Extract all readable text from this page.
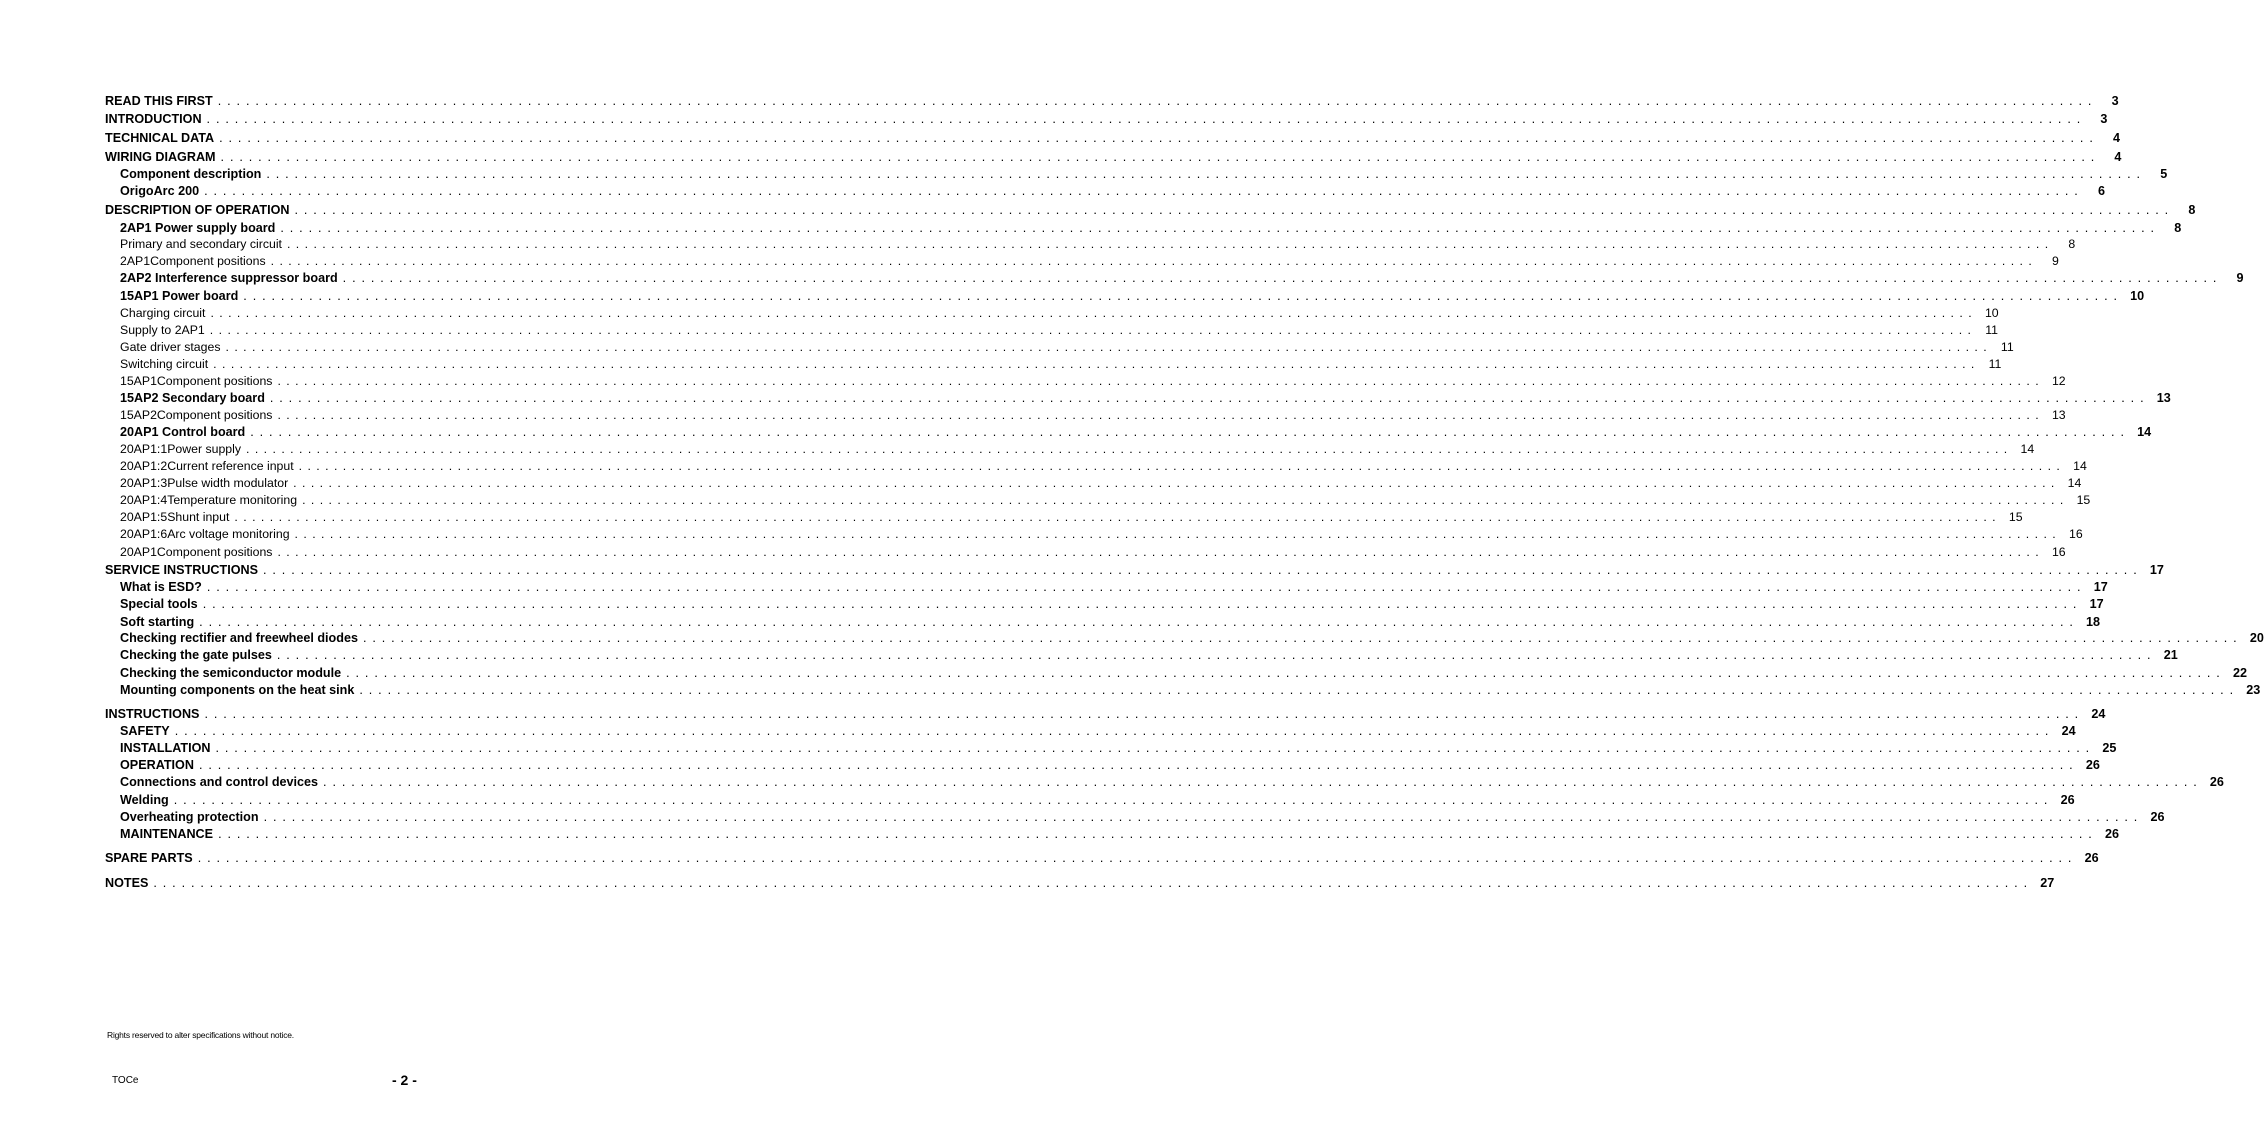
READ THIS FIRST . . . . . . . . . . . . . . . . . . . . . . . . . . . . . . . . . . . . . . . . . . . . . . . . . . . . . . . . . . . . . . . . . . . . . . . . . . . . . . . . . . . . . . . . . . . . . . . . . . . . . . . . . . . . . . . . . . . . . . . . . . . . . . . . . . . . . . . . . . . . . . . . . . . . . . . . . . . . . . . . . . . . . . . . . . . . . . . . . . . . . . . . . . . . . . . . . . . . . . . .	3
INTRODUCTION . . . . . . . . . . . . . . . . . . . . . . . . . . . . . . . . . . . . . . . . . . . . . . . . . . . . . . . . . . . . . . . . . . . . . . . . . . . . . . . . . . . . . . . . . . . . . . . . . . . . . . . . . . . . . . . . . . . . . . . . . . . . . . . . . . . . . . . . . . . . . . . . . . . . . . . . . . . . . . . . . . . . . . . . . . . . . . . . . . . . . . . . . . . . . . . . . . . . . . . .	3
TECHNICAL DATA . . . . . . . . . . . . . . . . . . . . . . . . . . . . . . . . . . . . . . . . . . . . . . . . . . . . . . . . . . . . . . . . . . . . . . . . . . . . . . . . . . . . . . . . . . . . . . . . . . . . . . . . . . . . . . . . . . . . . . . . . . . . . . . . . . . . . . . . . . . . . . . . . . . . . . . . . . . . . . . . . . . . . . . . . . . . . . . . . . . . . . . . . . . . . . . . . . . . . . . .	4
WIRING DIAGRAM . . . . . . . . . . . . . . . . . . . . . . . . . . . . . . . . . . . . . . . . . . . . . . . . . . . . . . . . . . . . . . . . . . . . . . . . . . . . . . . . . . . . . . . . . . . . . . . . . . . . . . . . . . . . . . . . . . . . . . . . . . . . . . . . . . . . . . . . . . . . . . . . . . . . . . . . . . . . . . . . . . . . . . . . . . . . . . . . . . . . . . . . . . . . . . . . . . . . . . . .	4
Component description . . . . . . . . . . . . . . . . . . . . . . . . . . . . . . . . . . . . . . . . . . . . . . . . . . . . . . . . . . . . . . . . . . . . . . . . . . . . . . . . . . . . . . . . . . . . . . . . . . . . . . . . . . . . . . . . . . . . . . . . . . . . . . . . . . . . . . . . . . . . . . . . . . . . . . . . . . . . . . . . . . . . . . . . . . . . . . . . . . . . . . . . . . . . . . . . . . . . . . . .	5
OrigoArc 200 . . . . . . . . . . . . . . . . . . . . . . . . . . . . . . . . . . . . . . . . . . . . . . . . . . . . . . . . . . . . . . . . . . . . . . . . . . . . . . . . . . . . . . . . . . . . . . . . . . . . . . . . . . . . . . . . . . . . . . . . . . . . . . . . . . . . . . . . . . . . . . . . . . . . . . . . . . . . . . . . . . . . . . . . . . . . . . . . . . . . . . . . . . . . . . . . . . . . . . . .	6
DESCRIPTION OF OPERATION . . . . . . . . . . . . . . . . . . . . . . . . . . . . . . . . . . . . . . . . . . . . . . . . . . . . . . . . . . . . . . . . . . . . . . . . . . . . . . . . . . . . . . . . . . . . . . . . . . . . . . . . . . . . . . . . . . . . . . . . . . . . . . . . . . . . . . . . . . . . . . . . . . . . . . . . . . . . . . . . . . . . . . . . . . . . . . . . . . . . . . . . . . . . . . . . . . . . . . . .	8
2AP1 Power supply board . . . . . . . . . . . . . . . . . . . . . . . . . . . . . . . . . . . . . . . . . . . . . . . . . . . . . . . . . . . . . . . . . . . . . . . . . . . . . . . . . . . . . . . . . . . . . . . . . . . . . . . . . . . . . . . . . . . . . . . . . . . . . . . . . . . . . . . . . . . . . . . . . . . . . . . . . . . . . . . . . . . . . . . . . . . . . . . . . . . . . . . . . . . . . . . . . . . . . . . .	8
Primary and secondary circuit . . . . . . . . . . . . . . . . . . . . . . . . . . . . . . . . . . . . . . . . . . . . . . . . . . . . . . . . . . . . . . . . . . . . . . . . . . . . . . . . . . . . . . . . . . . . . . . . . . . . . . . . . . . . . . . . . . . . . . . . . . . . . . . . . . . . . . . . . . . . . . . . . . . . . . . . . . . . . . . . . . . . . . . . . . . . . . . . . . . . . . . . . . . . . . . . . . . . . . . .	8
2AP1 Component positions . . . . . . . . . . . . . . . . . . . . . . . . . . . . . . . . . . . . . . . . . . . . . . . . . . . . . . . . . . . . . . . . . . . . . . . . . . . . . . . . . . . . . . . . . . . . . . . . . . . . . . . . . . . . . . . . . . . . . . . . . . . . . . . . . . . . . . . . . . . . . . . . . . . . . . . . . . . . . . . . . . . . . . . . . . . . . . . . . . . . . . . . . . . . . . . . . . . . . . . .	9
2AP2 Interference suppressor board . . . . . . . . . . . . . . . . . . . . . . . . . . . . . . . . . . . . . . . . . . . . . . . . . . . . . . . . . . . . . . . . . . . . . . . . . . . . . . . . . . . . . . . . . . . . . . . . . . . . . . . . . . . . . . . . . . . . . . . . . . . . . . . . . . . . . . . . . . . . . . . . . . . . . . . . . . . . . . . . . . . . . . . . . . . . . . . . . . . . . . . . . . . . . . . . . . . . . . . .	9
15AP1 Power board . . . . . . . . . . . . . . . . . . . . . . . . . . . . . . . . . . . . . . . . . . . . . . . . . . . . . . . . . . . . . . . . . . . . . . . . . . . . . . . . . . . . . . . . . . . . . . . . . . . . . . . . . . . . . . . . . . . . . . . . . . . . . . . . . . . . . . . . . . . . . . . . . . . . . . . . . . . . . . . . . . . . . . . . . . . . . . . . . . . . . . . . . . . . . . . . . . . . . . . . 10
Charging circuit . . . . . . . . . . . . . . . . . . . . . . . . . . . . . . . . . . . . . . . . . . . . . . . . . . . . . . . . . . . . . . . . . . . . . . . . . . . . . . . . . . . . . . . . . . . . . . . . . . . . . . . . . . . . . . . . . . . . . . . . . . . . . . . . . . . . . . . . . . . . . . . . . . . . . . . . . . . . . . . . . . . . . . . . . . . . . . . . . . . . . . . . . . . . . . . . . . . . . . . .	10
Supply to 2AP1 . . . . . . . . . . . . . . . . . . . . . . . . . . . . . . . . . . . . . . . . . . . . . . . . . . . . . . . . . . . . . . . . . . . . . . . . . . . . . . . . . . . . . . . . . . . . . . . . . . . . . . . . . . . . . . . . . . . . . . . . . . . . . . . . . . . . . . . . . . . . . . . . . . . . . . . . . . . . . . . . . . . . . . . . . . . . . . . . . . . . . . . . . . . . . . . . . . . . . . . .	11
Gate driver stages . . . . . . . . . . . . . . . . . . . . . . . . . . . . . . . . . . . . . . . . . . . . . . . . . . . . . . . . . . . . . . . . . . . . . . . . . . . . . . . . . . . . . . . . . . . . . . . . . . . . . . . . . . . . . . . . . . . . . . . . . . . . . . . . . . . . . . . . . . . . . . . . . . . . . . . . . . . . . . . . . . . . . . . . . . . . . . . . . . . . . . . . . . . . . . . . . . . . . . . .	11
Switching circuit . . . . . . . . . . . . . . . . . . . . . . . . . . . . . . . . . . . . . . . . . . . . . . . . . . . . . . . . . . . . . . . . . . . . . . . . . . . . . . . . . . . . . . . . . . . . . . . . . . . . . . . . . . . . . . . . . . . . . . . . . . . . . . . . . . . . . . . . . . . . . . . . . . . . . . . . . . . . . . . . . . . . . . . . . . . . . . . . . . . . . . . . . . . . . . . . . . . . . . . .	11
15AP1 Component positions . . . . . . . . . . . . . . . . . . . . . . . . . . . . . . . . . . . . . . . . . . . . . . . . . . . . . . . . . . . . . . . . . . . . . . . . . . . . . . . . . . . . . . . . . . . . . . . . . . . . . . . . . . . . . . . . . . . . . . . . . . . . . . . . . . . . . . . . . . . . . . . . . . . . . . . . . . . . . . . . . . . . . . . . . . . . . . . . . . . . . . . . . . . . . . . . . . . . . . . .	12
15AP2 Secondary board . . . . . . . . . . . . . . . . . . . . . . . . . . . . . . . . . . . . . . . . . . . . . . . . . . . . . . . . . . . . . . . . . . . . . . . . . . . . . . . . . . . . . . . . . . . . . . . . . . . . . . . . . . . . . . . . . . . . . . . . . . . . . . . . . . . . . . . . . . . . . . . . . . . . . . . . . . . . . . . . . . . . . . . . . . . . . . . . . . . . . . . . . . . . . . . . . . . . . . . . 13
15AP2 Component positions . . . . . . . . . . . . . . . . . . . . . . . . . . . . . . . . . . . . . . . . . . . . . . . . . . . . . . . . . . . . . . . . . . . . . . . . . . . . . . . . . . . . . . . . . . . . . . . . . . . . . . . . . . . . . . . . . . . . . . . . . . . . . . . . . . . . . . . . . . . . . . . . . . . . . . . . . . . . . . . . . . . . . . . . . . . . . . . . . . . . . . . . . . . . . . . . . . . . . . . .	13
20AP1 Control board . . . . . . . . . . . . . . . . . . . . . . . . . . . . . . . . . . . . . . . . . . . . . . . . . . . . . . . . . . . . . . . . . . . . . . . . . . . . . . . . . . . . . . . . . . . . . . . . . . . . . . . . . . . . . . . . . . . . . . . . . . . . . . . . . . . . . . . . . . . . . . . . . . . . . . . . . . . . . . . . . . . . . . . . . . . . . . . . . . . . . . . . . . . . . . . . . . . . . . . . 14
20AP1:1 Power supply . . . . . . . . . . . . . . . . . . . . . . . . . . . . . . . . . . . . . . . . . . . . . . . . . . . . . . . . . . . . . . . . . . . . . . . . . . . . . . . . . . . . . . . . . . . . . . . . . . . . . . . . . . . . . . . . . . . . . . . . . . . . . . . . . . . . . . . . . . . . . . . . . . . . . . . . . . . . . . . . . . . . . . . . . . . . . . . . . . . . . . . . . . . . . . . . . . . . . . . .	14
20AP1:2 Current reference input . . . . . . . . . . . . . . . . . . . . . . . . . . . . . . . . . . . . . . . . . . . . . . . . . . . . . . . . . . . . . . . . . . . . . . . . . . . . . . . . . . . . . . . . . . . . . . . . . . . . . . . . . . . . . . . . . . . . . . . . . . . . . . . . . . . . . . . . . . . . . . . . . . . . . . . . . . . . . . . . . . . . . . . . . . . . . . . . . . . . . . . . . . . . . . . . . . . . . . . .	14
20AP1:3 Pulse width modulator . . . . . . . . . . . . . . . . . . . . . . . . . . . . . . . . . . . . . . . . . . . . . . . . . . . . . . . . . . . . . . . . . . . . . . . . . . . . . . . . . . . . . . . . . . . . . . . . . . . . . . . . . . . . . . . . . . . . . . . . . . . . . . . . . . . . . . . . . . . . . . . . . . . . . . . . . . . . . . . . . . . . . . . . . . . . . . . . . . . . . . . . . . . . . . . . . . . . . . . .	14
20AP1:4 Temperature monitoring . . . . . . . . . . . . . . . . . . . . . . . . . . . . . . . . . . . . . . . . . . . . . . . . . . . . . . . . . . . . . . . . . . . . . . . . . . . . . . . . . . . . . . . . . . . . . . . . . . . . . . . . . . . . . . . . . . . . . . . . . . . . . . . . . . . . . . . . . . . . . . . . . . . . . . . . . . . . . . . . . . . . . . . . . . . . . . . . . . . . . . . . . . . . . . . . . . . . . . . .	15
20AP1:5 Shunt input . . . . . . . . . . . . . . . . . . . . . . . . . . . . . . . . . . . . . . . . . . . . . . . . . . . . . . . . . . . . . . . . . . . . . . . . . . . . . . . . . . . . . . . . . . . . . . . . . . . . . . . . . . . . . . . . . . . . . . . . . . . . . . . . . . . . . . . . . . . . . . . . . . . . . . . . . . . . . . . . . . . . . . . . . . . . . . . . . . . . . . . . . . . . . . . . . . . . . . . .	15
20AP1:6 Arc voltage monitoring . . . . . . . . . . . . . . . . . . . . . . . . . . . . . . . . . . . . . . . . . . . . . . . . . . . . . . . . . . . . . . . . . . . . . . . . . . . . . . . . . . . . . . . . . . . . . . . . . . . . . . . . . . . . . . . . . . . . . . . . . . . . . . . . . . . . . . . . . . . . . . . . . . . . . . . . . . . . . . . . . . . . . . . . . . . . . . . . . . . . . . . . . . . . . . . . . . . . . . . .	16
20AP1 Component positions . . . . . . . . . . . . . . . . . . . . . . . . . . . . . . . . . . . . . . . . . . . . . . . . . . . . . . . . . . . . . . . . . . . . . . . . . . . . . . . . . . . . . . . . . . . . . . . . . . . . . . . . . . . . . . . . . . . . . . . . . . . . . . . . . . . . . . . . . . . . . . . . . . . . . . . . . . . . . . . . . . . . . . . . . . . . . . . . . . . . . . . . . . . . . . . . . . . . . . . .	16
SERVICE INSTRUCTIONS . . . . . . . . . . . . . . . . . . . . . . . . . . . . . . . . . . . . . . . . . . . . . . . . . . . . . . . . . . . . . . . . . . . . . . . . . . . . . . . . . . . . . . . . . . . . . . . . . . . . . . . . . . . . . . . . . . . . . . . . . . . . . . . . . . . . . . . . . . . . . . . . . . . . . . . . . . . . . . . . . . . . . . . . . . . . . . . . . . . . . . . . . . . . . . . . . . . . . . . . 17
What is ESD? . . . . . . . . . . . . . . . . . . . . . . . . . . . . . . . . . . . . . . . . . . . . . . . . . . . . . . . . . . . . . . . . . . . . . . . . . . . . . . . . . . . . . . . . . . . . . . . . . . . . . . . . . . . . . . . . . . . . . . . . . . . . . . . . . . . . . . . . . . . . . . . . . . . . . . . . . . . . . . . . . . . . . . . . . . . . . . . . . . . . . . . . . . . . . . . . . . . . . . . . 17
Special tools . . . . . . . . . . . . . . . . . . . . . . . . . . . . . . . . . . . . . . . . . . . . . . . . . . . . . . . . . . . . . . . . . . . . . . . . . . . . . . . . . . . . . . . . . . . . . . . . . . . . . . . . . . . . . . . . . . . . . . . . . . . . . . . . . . . . . . . . . . . . . . . . . . . . . . . . . . . . . . . . . . . . . . . . . . . . . . . . . . . . . . . . . . . . . . . . . . . . . . . . 17
Soft starting . . . . . . . . . . . . . . . . . . . . . . . . . . . . . . . . . . . . . . . . . . . . . . . . . . . . . . . . . . . . . . . . . . . . . . . . . . . . . . . . . . . . . . . . . . . . . . . . . . . . . . . . . . . . . . . . . . . . . . . . . . . . . . . . . . . . . . . . . . . . . . . . . . . . . . . . . . . . . . . . . . . . . . . . . . . . . . . . . . . . . . . . . . . . . . . . . . . . . . . . 18
Checking rectifier and freewheel diodes . . . . . . . . . . . . . . . . . . . . . . . . . . . . . . . . . . . . . . . . . . . . . . . . . . . . . . . . . . . . . . . . . . . . . . . . . . . . . . . . . . . . . . . . . . . . . . . . . . . . . . . . . . . . . . . . . . . . . . . . . . . . . . . . . . . . . . . . . . . . . . . . . . . . . . . . . . . . . . . . . . . . . . . . . . . . . . . . . . . . . . . . . . . . . . . . . . . . . . . . 20
Checking the gate pulses . . . . . . . . . . . . . . . . . . . . . . . . . . . . . . . . . . . . . . . . . . . . . . . . . . . . . . . . . . . . . . . . . . . . . . . . . . . . . . . . . . . . . . . . . . . . . . . . . . . . . . . . . . . . . . . . . . . . . . . . . . . . . . . . . . . . . . . . . . . . . . . . . . . . . . . . . . . . . . . . . . . . . . . . . . . . . . . . . . . . . . . . . . . . . . . . . . . . . . . . 21
Checking the semiconductor module . . . . . . . . . . . . . . . . . . . . . . . . . . . . . . . . . . . . . . . . . . . . . . . . . . . . . . . . . . . . . . . . . . . . . . . . . . . . . . . . . . . . . . . . . . . . . . . . . . . . . . . . . . . . . . . . . . . . . . . . . . . . . . . . . . . . . . . . . . . . . . . . . . . . . . . . . . . . . . . . . . . . . . . . . . . . . . . . . . . . . . . . . . . . . . . . . . . . . . . . 22
Mounting components on the heat sink . . . . . . . . . . . . . . . . . . . . . . . . . . . . . . . . . . . . . . . . . . . . . . . . . . . . . . . . . . . . . . . . . . . . . . . . . . . . . . . . . . . . . . . . . . . . . . . . . . . . . . . . . . . . . . . . . . . . . . . . . . . . . . . . . . . . . . . . . . . . . . . . . . . . . . . . . . . . . . . . . . . . . . . . . . . . . . . . . . . . . . . . . . . . . . . . . . . . . . . . 23
INSTRUCTIONS . . . . . . . . . . . . . . . . . . . . . . . . . . . . . . . . . . . . . . . . . . . . . . . . . . . . . . . . . . . . . . . . . . . . . . . . . . . . . . . . . . . . . . . . . . . . . . . . . . . . . . . . . . . . . . . . . . . . . . . . . . . . . . . . . . . . . . . . . . . . . . . . . . . . . . . . . . . . . . . . . . . . . . . . . . . . . . . . . . . . . . . . . . . . . . . . . . . . . . . . 24
SAFETY . . . . . . . . . . . . . . . . . . . . . . . . . . . . . . . . . . . . . . . . . . . . . . . . . . . . . . . . . . . . . . . . . . . . . . . . . . . . . . . . . . . . . . . . . . . . . . . . . . . . . . . . . . . . . . . . . . . . . . . . . . . . . . . . . . . . . . . . . . . . . . . . . . . . . . . . . . . . . . . . . . . . . . . . . . . . . . . . . . . . . . . . . . . . . . . . . . . . . . . . 24
INSTALLATION . . . . . . . . . . . . . . . . . . . . . . . . . . . . . . . . . . . . . . . . . . . . . . . . . . . . . . . . . . . . . . . . . . . . . . . . . . . . . . . . . . . . . . . . . . . . . . . . . . . . . . . . . . . . . . . . . . . . . . . . . . . . . . . . . . . . . . . . . . . . . . . . . . . . . . . . . . . . . . . . . . . . . . . . . . . . . . . . . . . . . . . . . . . . . . . . . . . . . . . . 25
OPERATION . . . . . . . . . . . . . . . . . . . . . . . . . . . . . . . . . . . . . . . . . . . . . . . . . . . . . . . . . . . . . . . . . . . . . . . . . . . . . . . . . . . . . . . . . . . . . . . . . . . . . . . . . . . . . . . . . . . . . . . . . . . . . . . . . . . . . . . . . . . . . . . . . . . . . . . . . . . . . . . . . . . . . . . . . . . . . . . . . . . . . . . . . . . . . . . . . . . . . . . . 26
Connections and control devices . . . . . . . . . . . . . . . . . . . . . . . . . . . . . . . . . . . . . . . . . . . . . . . . . . . . . . . . . . . . . . . . . . . . . . . . . . . . . . . . . . . . . . . . . . . . . . . . . . . . . . . . . . . . . . . . . . . . . . . . . . . . . . . . . . . . . . . . . . . . . . . . . . . . . . . . . . . . . . . . . . . . . . . . . . . . . . . . . . . . . . . . . . . . . . . . . . . . . . . . 26
Welding . . . . . . . . . . . . . . . . . . . . . . . . . . . . . . . . . . . . . . . . . . . . . . . . . . . . . . . . . . . . . . . . . . . . . . . . . . . . . . . . . . . . . . . . . . . . . . . . . . . . . . . . . . . . . . . . . . . . . . . . . . . . . . . . . . . . . . . . . . . . . . . . . . . . . . . . . . . . . . . . . . . . . . . . . . . . . . . . . . . . . . . . . . . . . . . . . . . . . . . . 26
Overheating protection . . . . . . . . . . . . . . . . . . . . . . . . . . . . . . . . . . . . . . . . . . . . . . . . . . . . . . . . . . . . . . . . . . . . . . . . . . . . . . . . . . . . . . . . . . . . . . . . . . . . . . . . . . . . . . . . . . . . . . . . . . . . . . . . . . . . . . . . . . . . . . . . . . . . . . . . . . . . . . . . . . . . . . . . . . . . . . . . . . . . . . . . . . . . . . . . . . . . . . . . 26
MAINTENANCE . . . . . . . . . . . . . . . . . . . . . . . . . . . . . . . . . . . . . . . . . . . . . . . . . . . . . . . . . . . . . . . . . . . . . . . . . . . . . . . . . . . . . . . . . . . . . . . . . . . . . . . . . . . . . . . . . . . . . . . . . . . . . . . . . . . . . . . . . . . . . . . . . . . . . . . . . . . . . . . . . . . . . . . . . . . . . . . . . . . . . . . . . . . . . . . . . . . . . . . . 26
SPARE PARTS . . . . . . . . . . . . . . . . . . . . . . . . . . . . . . . . . . . . . . . . . . . . . . . . . . . . . . . . . . . . . . . . . . . . . . . . . . . . . . . . . . . . . . . . . . . . . . . . . . . . . . . . . . . . . . . . . . . . . . . . . . . . . . . . . . . . . . . . . . . . . . . . . . . . . . . . . . . . . . . . . . . . . . . . . . . . . . . . . . . . . . . . . . . . . . . . . . . . . . . . 26
NOTES . . . . . . . . . . . . . . . . . . . . . . . . . . . . . . . . . . . . . . . . . . . . . . . . . . . . . . . . . . . . . . . . . . . . . . . . . . . . . . . . . . . . . . . . . . . . . . . . . . . . . . . . . . . . . . . . . . . . . . . . . . . . . . . . . . . . . . . . . . . . . . . . . . . . . . . . . . . . . . . . . . . . . . . . . . . . . . . . . . . . . . . . . . . . . . . . . . . . . . . . 27
Rights reserved to alter specifications without notice.
TOCe	- 2 -
